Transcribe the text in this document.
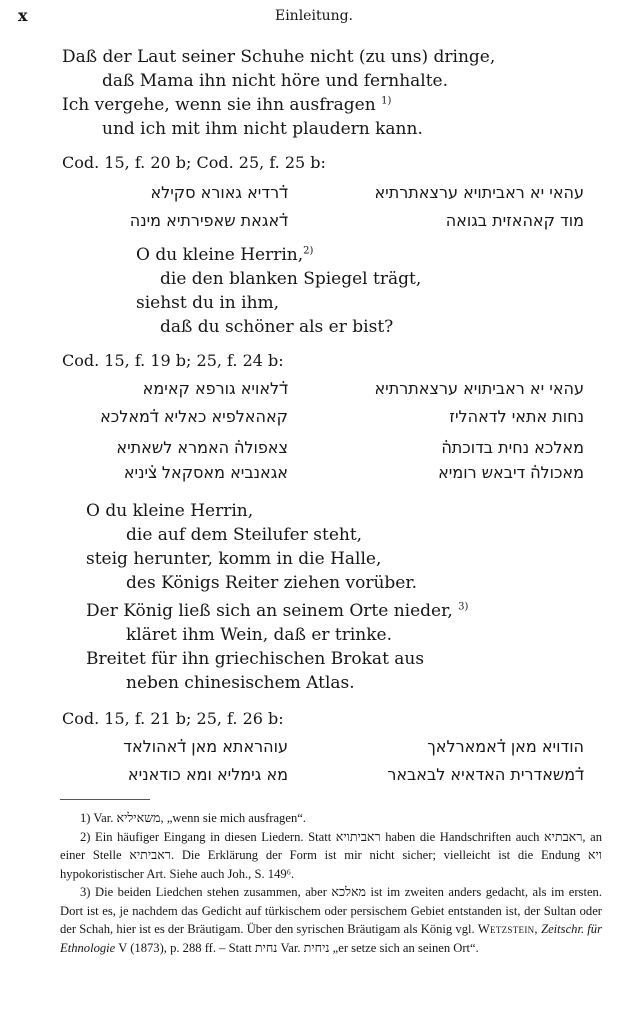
x	Einleitung.
Daß der Laut seiner Schuhe nicht (zu uns) dringe,
daß Mama ihn nicht höre und fernhalte.
Ich vergehe, wenn sie ihn ausfragen $^{1)}$
und ich mit ihm nicht plaudern kann.
Cod. 15, f. 20 b; Cod. 25, f. 25 b:
עהאי יא ראביתויא ערצאתרתיא
ד֗רדיא גאורא סקילא
מוד קאהאזית בגואה
ד֗אגאת שאפירתיא מינה
O du kleine Herrin,$^{2)}$
die den blanken Spiegel trägt,
siehst du in ihm,
daß du schöner als er bist?
Cod. 15, f. 19 b; 25, f. 24 b:
עהאי יא ראביתויא ערצאתרתיא
ד֗לאויא גורפא קאימא
נחות אתאי לדאהליז
קאהאלפיא כאליא ד֗מאלכא
מאלכא נחית בדוכתה֗
צאפולה֗ האמרא לשאתיא
מאכולה֗ דיבאש רומיא
אגאנביא מאסקאל צ֗יניא
O du kleine Herrin,
die auf dem Steilufer steht,
steig herunter, komm in die Halle,
des Königs Reiter ziehen vorüber.
Der König ließ sich an seinem Orte nieder, $^{3)}$
kläret ihm Wein, daß er trinke.
Breitet für ihn griechischen Brokat aus
neben chinesischem Atlas.
Cod. 15, f. 21 b; 25, f. 26 b:
הודויא מאן ד֗אמארלאך
עוהראתא מאן ד֗אהולאד
ד֗משאדרית האדאיא לבאבאר
מא גימליא ומא כודאניא

1) Var. משאיליא, „wenn sie mich ausfragen“.

2) Ein häufiger Eingang in diesen Liedern. Statt ראביתויא haben die Handschriften auch ראבתיא, an einer Stelle ראביתיא. Die Erklärung der Form ist mir nicht sicher; vielleicht ist die Endung ויא hypokoristischer Art. Siehe auch Joh., S. 149⁶.

3) Die beiden Liedchen stehen zusammen, aber מאלכא ist im zweiten anders gedacht, als im ersten. Dort ist es, je nachdem das Gedicht auf türkischem oder persischem Gebiet entstanden ist, der Sultan oder der Schah, hier ist es der Bräutigam. Über den syrischen Bräutigam als König vgl. Wetzstein, Zeitschr. für Ethnologie V (1873), p. 288 ff. – Statt נחית Var. ניחית „er setze sich an seinen Ort“.
